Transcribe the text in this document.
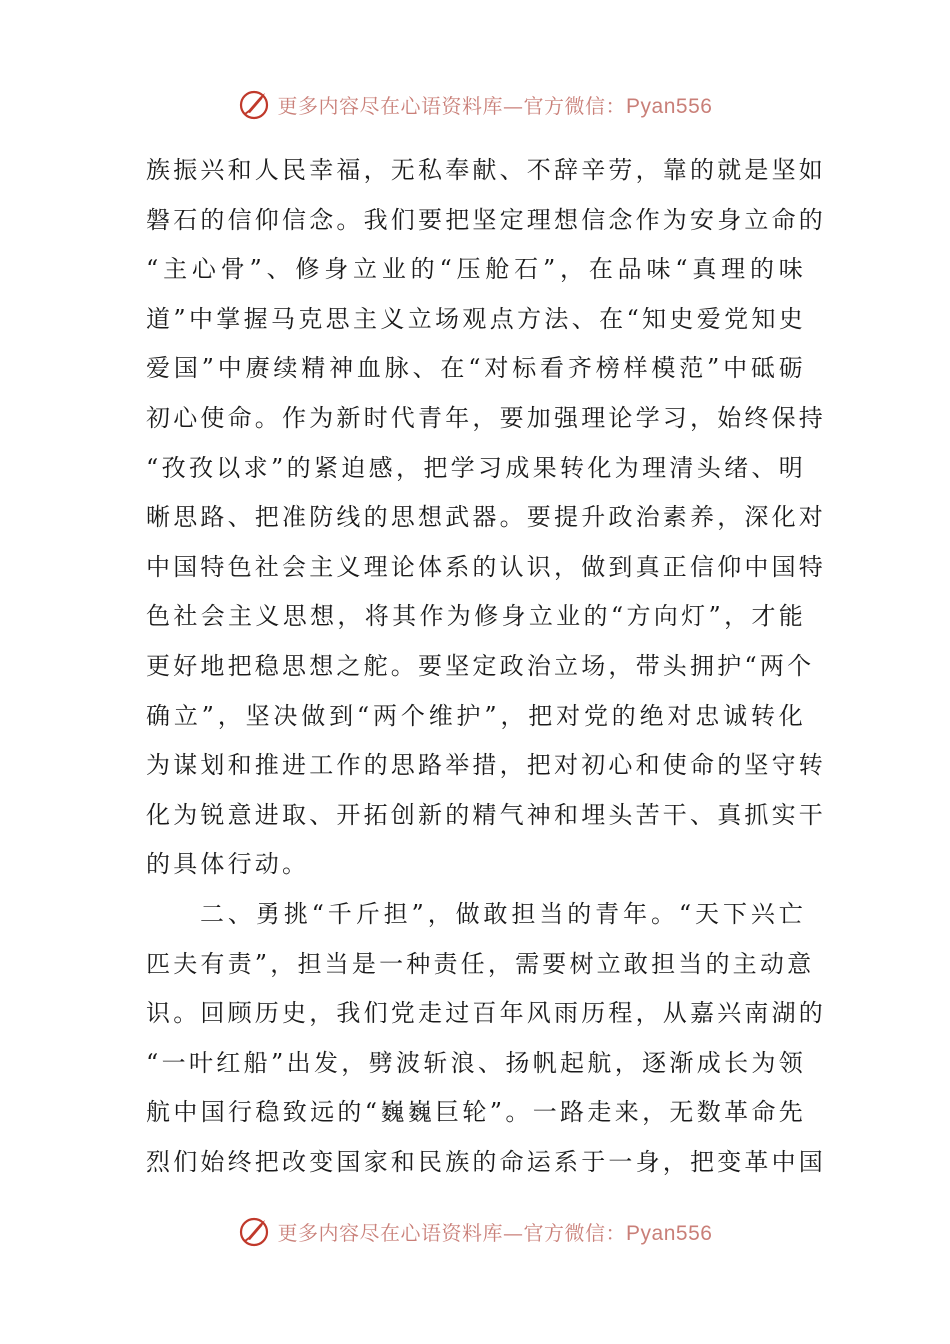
更多内容尽在心语资料库—官方微信：Pyan556
族振兴和人民幸福，无私奉献、不辞辛劳，靠的就是坚如
磐石的信仰信念。我们要把坚定理想信念作为安身立命的
“主心骨”、修身立业的“压舱石”，在品味“真理的味
道”中掌握马克思主义立场观点方法、在“知史爱党知史
爱国”中赓续精神血脉、在“对标看齐榜样模范”中砥砺
初心使命。作为新时代青年，要加强理论学习，始终保持
“孜孜以求”的紧迫感，把学习成果转化为理清头绪、明
晰思路、把准防线的思想武器。要提升政治素养，深化对
中国特色社会主义理论体系的认识，做到真正信仰中国特
色社会主义思想，将其作为修身立业的“方向灯”，才能
更好地把稳思想之舵。要坚定政治立场，带头拥护“两个
确立”，坚决做到“两个维护”，把对党的绝对忠诚转化
为谋划和推进工作的思路举措，把对初心和使命的坚守转
化为锐意进取、开拓创新的精气神和埋头苦干、真抓实干
的具体行动。
二、勇挑“千斤担”，做敢担当的青年。“天下兴亡
匹夫有责”，担当是一种责任，需要树立敢担当的主动意
识。回顾历史，我们党走过百年风雨历程，从嘉兴南湖的
“一叶红船”出发，劈波斩浪、扬帆起航，逐渐成长为领
航中国行稳致远的“巍巍巨轮”。一路走来，无数革命先
烈们始终把改变国家和民族的命运系于一身，把变革中国
更多内容尽在心语资料库—官方微信：Pyan556
